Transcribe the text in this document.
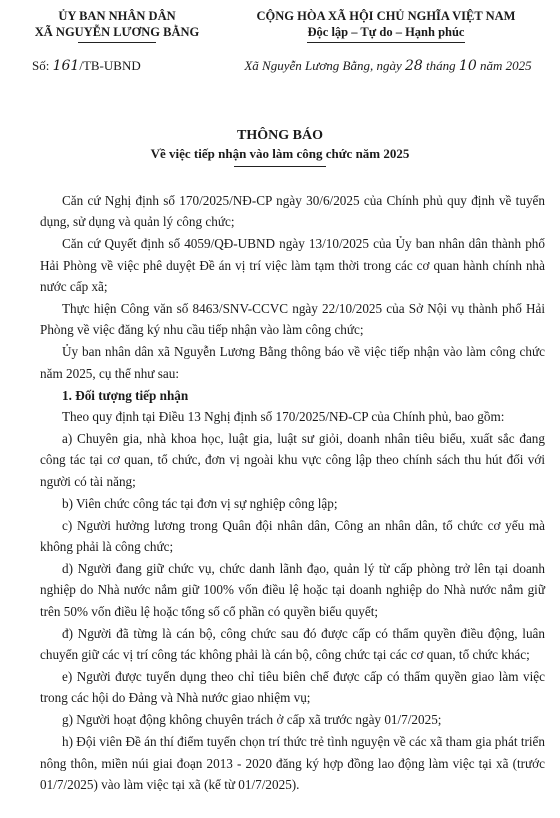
ỦY BAN NHÂN DÂN
XÃ NGUYỄN LƯƠNG BẰNG
CỘNG HÒA XÃ HỘI CHỦ NGHĨA VIỆT NAM
Độc lập – Tự do – Hạnh phúc
Số: 161/TB-UBND	Xã Nguyễn Lương Bằng, ngày 28 tháng 10 năm 2025
THÔNG BÁO
Về việc tiếp nhận vào làm công chức năm 2025

Căn cứ Nghị định số 170/2025/NĐ-CP ngày 30/6/2025 của Chính phủ quy định về tuyển dụng, sử dụng và quản lý công chức;

Căn cứ Quyết định số 4059/QĐ-UBND ngày 13/10/2025 của Ủy ban nhân dân thành phố Hải Phòng về việc phê duyệt Đề án vị trí việc làm tạm thời trong các cơ quan hành chính nhà nước cấp xã;

Thực hiện Công văn số 8463/SNV-CCVC ngày 22/10/2025 của Sở Nội vụ thành phố Hải Phòng về việc đăng ký nhu cầu tiếp nhận vào làm công chức;

Ủy ban nhân dân xã Nguyễn Lương Bằng thông báo về việc tiếp nhận vào làm công chức năm 2025, cụ thể như sau:

1. Đối tượng tiếp nhận

Theo quy định tại Điều 13 Nghị định số 170/2025/NĐ-CP của Chính phủ, bao gồm:

a) Chuyên gia, nhà khoa học, luật gia, luật sư giỏi, doanh nhân tiêu biểu, xuất sắc đang công tác tại cơ quan, tổ chức, đơn vị ngoài khu vực công lập theo chính sách thu hút đối với người có tài năng;

b) Viên chức công tác tại đơn vị sự nghiệp công lập;

c) Người hưởng lương trong Quân đội nhân dân, Công an nhân dân, tổ chức cơ yếu mà không phải là công chức;

d) Người đang giữ chức vụ, chức danh lãnh đạo, quản lý từ cấp phòng trở lên tại doanh nghiệp do Nhà nước nắm giữ 100% vốn điều lệ hoặc tại doanh nghiệp do Nhà nước nắm giữ trên 50% vốn điều lệ hoặc tổng số cổ phần có quyền biểu quyết;

đ) Người đã từng là cán bộ, công chức sau đó được cấp có thẩm quyền điều động, luân chuyển giữ các vị trí công tác không phải là cán bộ, công chức tại các cơ quan, tổ chức khác;

e) Người được tuyển dụng theo chỉ tiêu biên chế được cấp có thẩm quyền giao làm việc trong các hội do Đảng và Nhà nước giao nhiệm vụ;

g) Người hoạt động không chuyên trách ở cấp xã trước ngày 01/7/2025;

h) Đội viên Đề án thí điểm tuyển chọn trí thức trẻ tình nguyện về các xã tham gia phát triển nông thôn, miền núi giai đoạn 2013 - 2020 đăng ký hợp đồng lao động làm việc tại xã (trước 01/7/2025) vào làm việc tại xã (kể từ 01/7/2025).
